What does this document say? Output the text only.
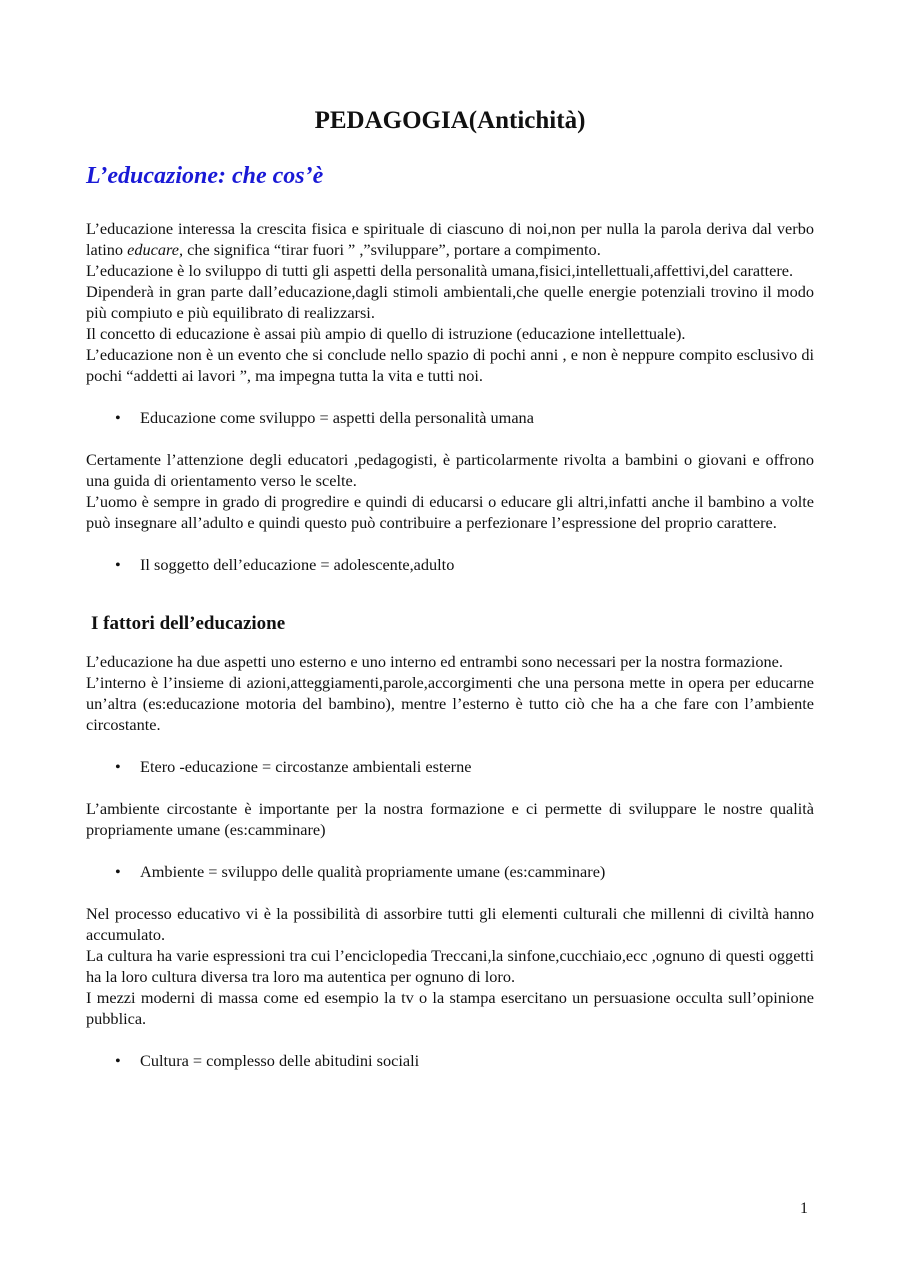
PEDAGOGIA(Antichità)
L’educazione: che cos’è

L’educazione interessa la crescita fisica e spirituale di ciascuno di noi,non per nulla la parola deriva dal verbo latino educare, che significa “tirar fuori ” ,”sviluppare”, portare a compimento.

L’educazione è lo sviluppo di tutti gli aspetti della personalità umana,fisici,intellettuali,affettivi,del carattere.

Dipenderà in gran parte dall’educazione,dagli stimoli ambientali,che quelle energie potenziali trovino il modo più compiuto e più equilibrato di realizzarsi.

Il concetto di educazione è assai più ampio di quello di istruzione (educazione intellettuale).

L’educazione non è un evento che si conclude nello spazio di pochi anni , e non è neppure compito esclusivo di pochi “addetti ai lavori ”, ma impegna tutta la vita e tutti noi.

• Educazione come sviluppo = aspetti della personalità umana

Certamente l’attenzione degli educatori ,pedagogisti, è particolarmente rivolta a bambini o giovani e offrono una guida di orientamento verso le scelte.

L’uomo è sempre in grado di progredire e quindi di educarsi o educare gli altri,infatti anche il bambino a volte può insegnare all’adulto e quindi questo può contribuire a perfezionare l’espressione del proprio carattere.

• Il soggetto dell’educazione = adolescente,adulto
I fattori dell’educazione

L’educazione ha due aspetti uno esterno e uno interno ed entrambi sono necessari per la nostra formazione.

L’interno è l’insieme di azioni,atteggiamenti,parole,accorgimenti che una persona mette in opera per educarne un’altra (es:educazione motoria del bambino), mentre l’esterno è tutto ciò che ha a che fare con l’ambiente circostante.

• Etero -educazione = circostanze ambientali esterne

L’ambiente circostante è importante per la nostra formazione e ci permette di sviluppare le nostre qualità propriamente umane (es:camminare)

• Ambiente = sviluppo delle qualità propriamente umane (es:camminare)

Nel processo educativo vi è la possibilità di assorbire tutti gli elementi culturali che millenni di civiltà hanno accumulato.

La cultura ha varie espressioni tra cui l’enciclopedia Treccani,la sinfone,cucchiaio,ecc ,ognuno di questi oggetti ha la loro cultura diversa tra loro ma autentica per ognuno di loro.

I mezzi moderni di massa come ed esempio la tv o la stampa esercitano un persuasione occulta sull’opinione pubblica.

• Cultura = complesso delle abitudini sociali
1
